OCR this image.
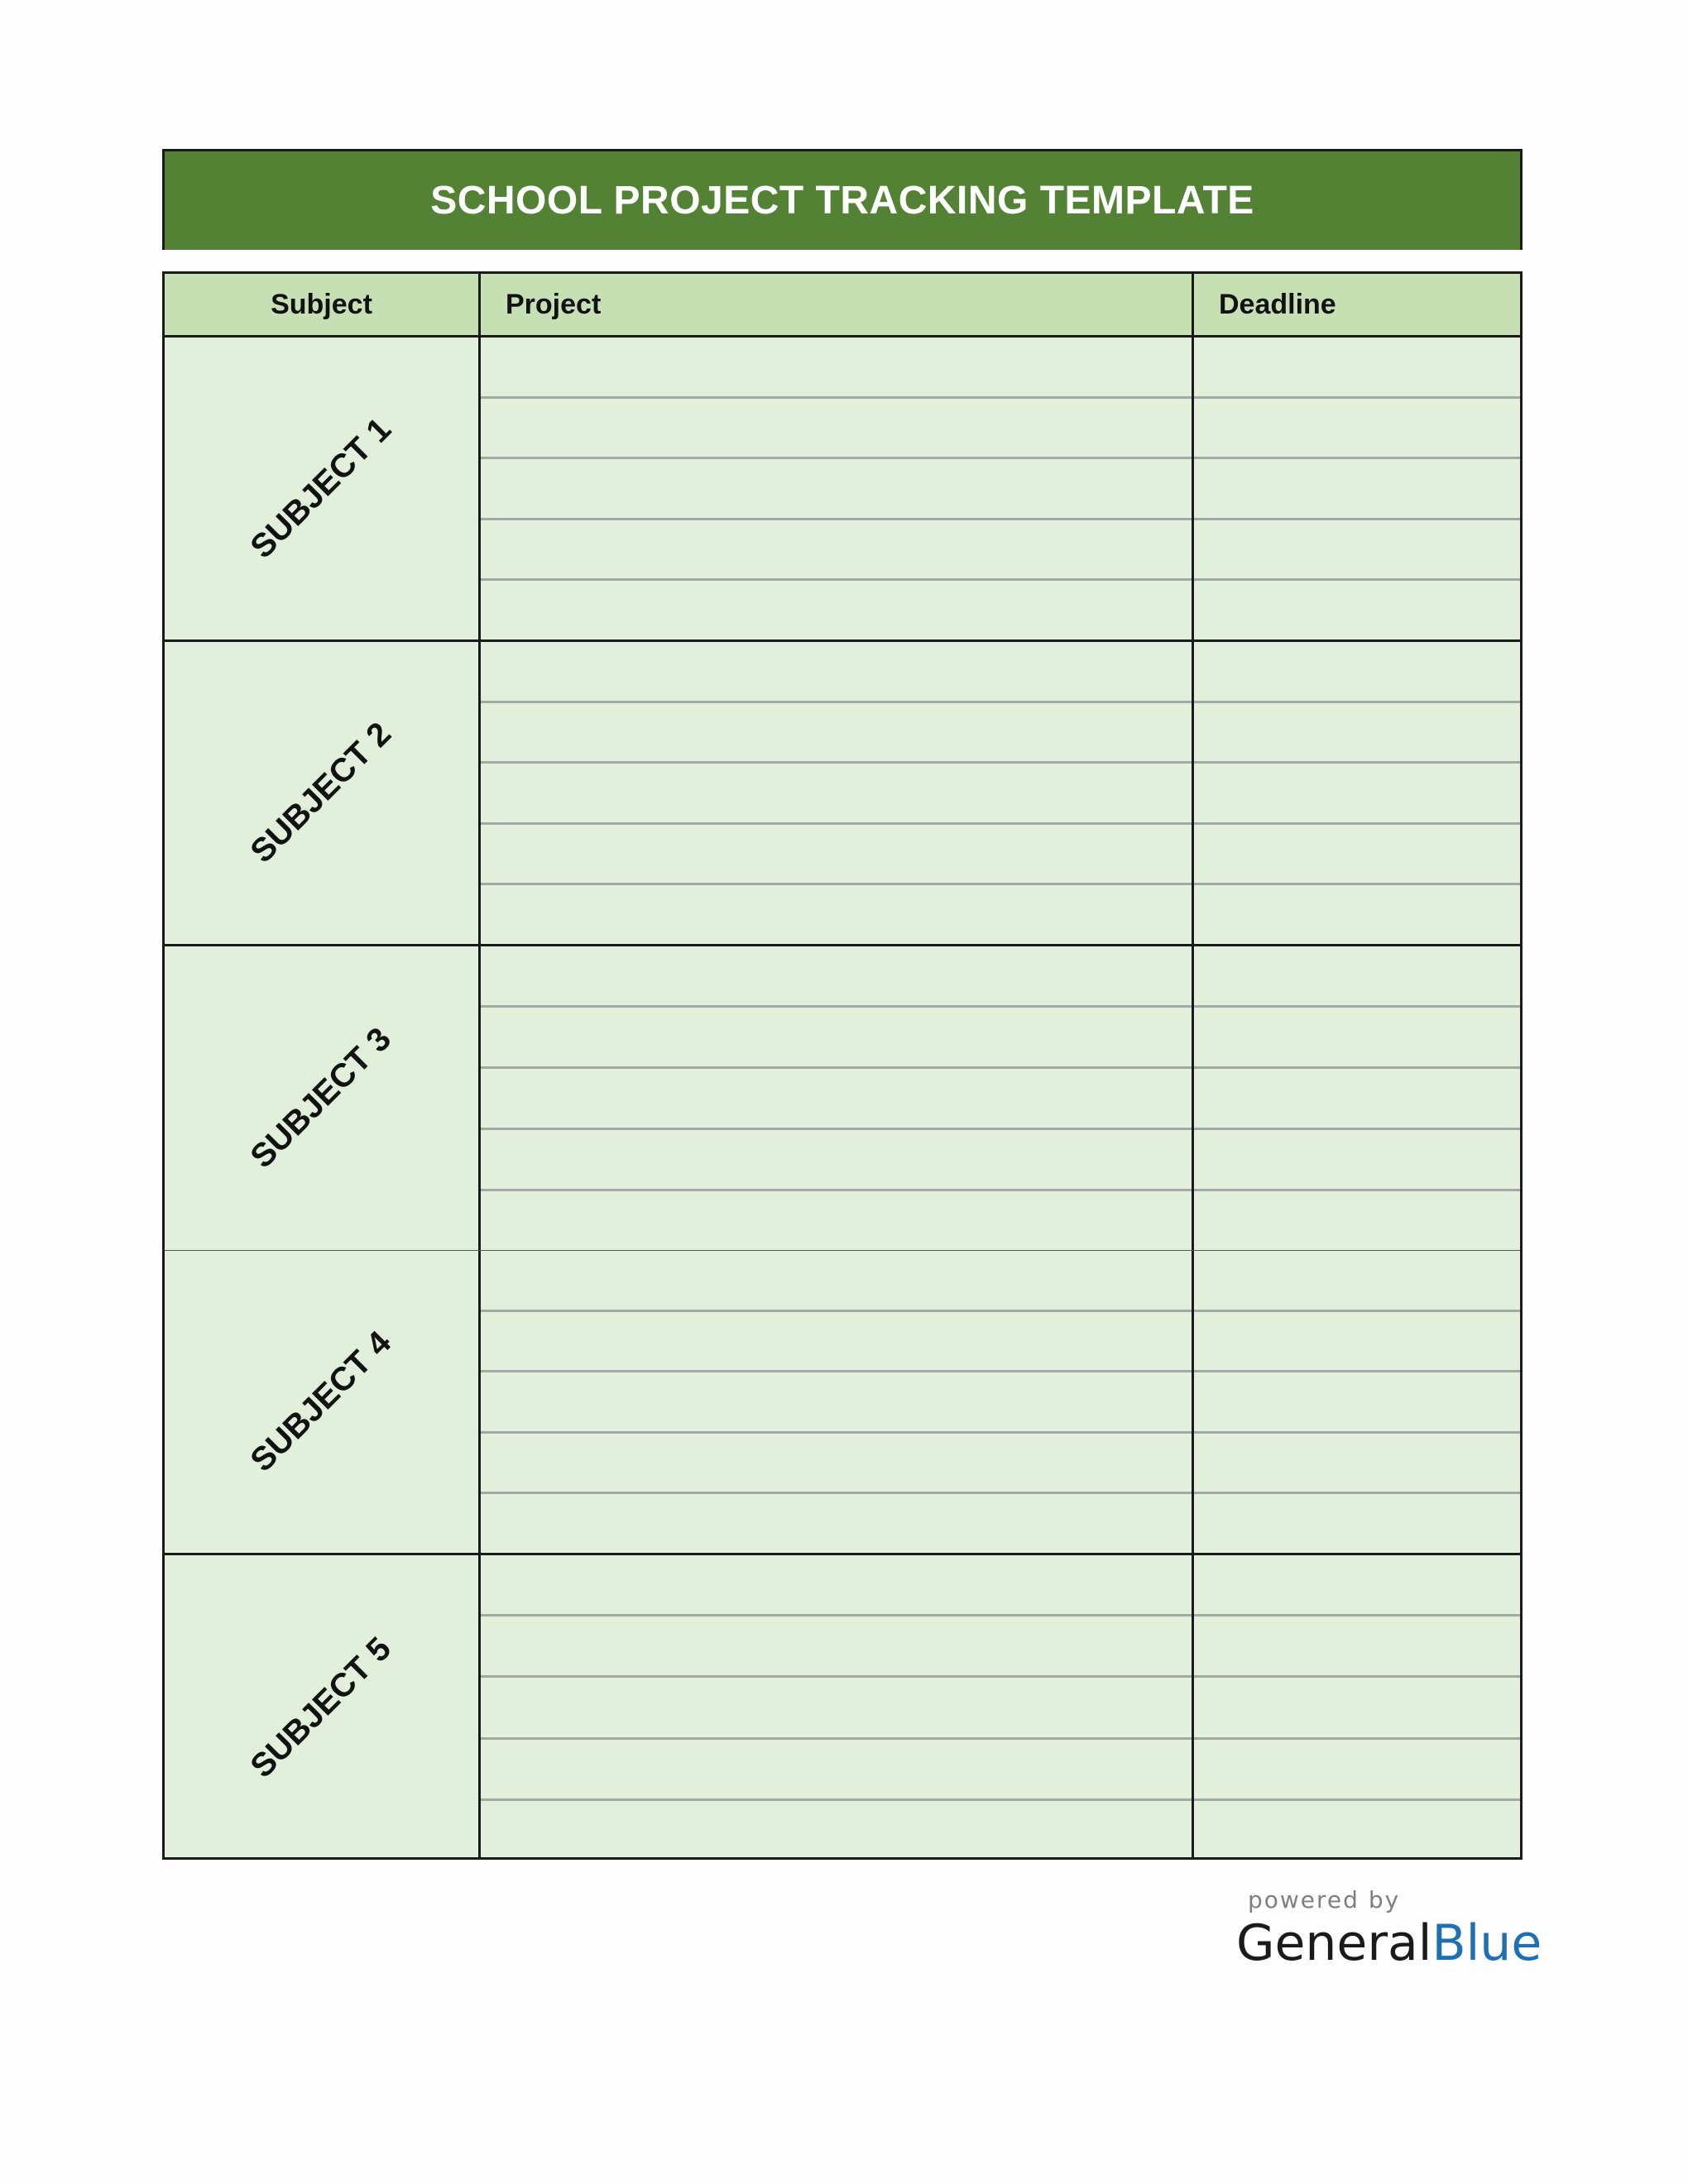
SCHOOL PROJECT TRACKING TEMPLATE
Subject	Project	Deadline
SUBJECT 1
SUBJECT 2
SUBJECT 3
SUBJECT 4
SUBJECT 5
powered by
GeneralBlue
